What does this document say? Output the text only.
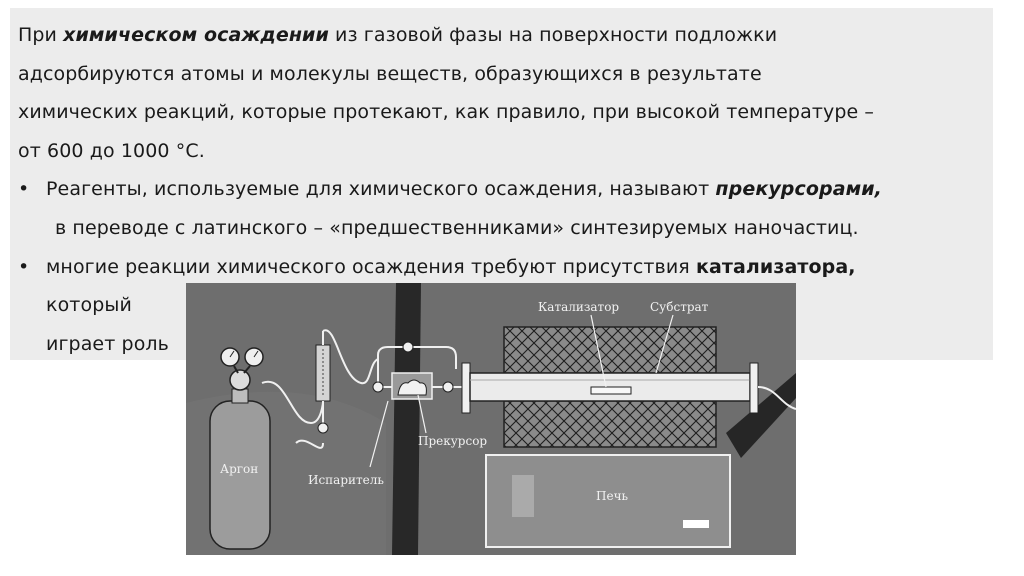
При химическом осаждении из газовой фазы на поверхности подложки
адсорбируются атомы и молекулы веществ, образующихся в результате
химических реакций, которые протекают, как правило, при высокой температуре –
от 600 до 1000 °С.
• Реагенты, используемые для химического осаждения, называют прекурсорами,
в переводе с латинского – «предшественниками» синтезируемых наночастиц.
• многие реакции химического осаждения требуют присутствия катализатора,
который
играет роль
Аргон
Печь
Катализатор	Субстрат
Прекурсор
Испаритель
